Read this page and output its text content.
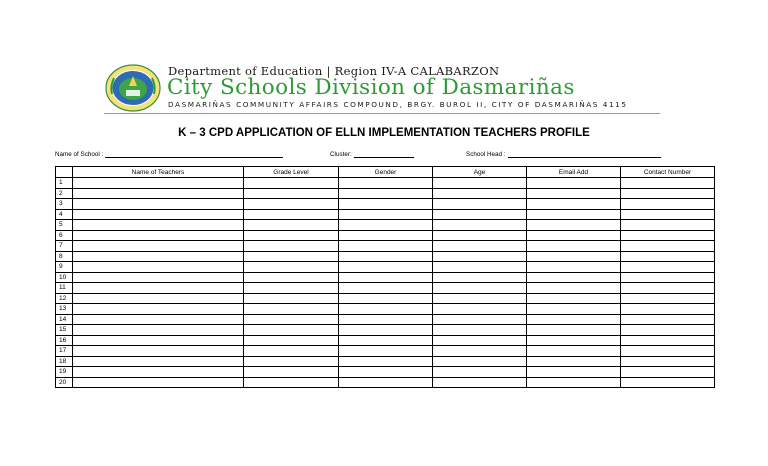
Department of Education | Region IV-A CALABARZON
City Schools Division of Dasmariñas
DASMARIÑAS COMMUNITY AFFAIRS COMPOUND, BRGY. BUROL II, CITY OF DASMARIÑAS 4115
K – 3 CPD APPLICATION OF ELLN IMPLEMENTATION TEACHERS PROFILE
Name of School :	Cluster:	School Head :
	Name of Teachers	Grade Level	Gender	Age	Email Add	Contact Number
1						
2						
3						
4						
5						
6						
7						
8						
9						
10						
11						
12						
13						
14						
15						
16						
17						
18						
19						
20						
